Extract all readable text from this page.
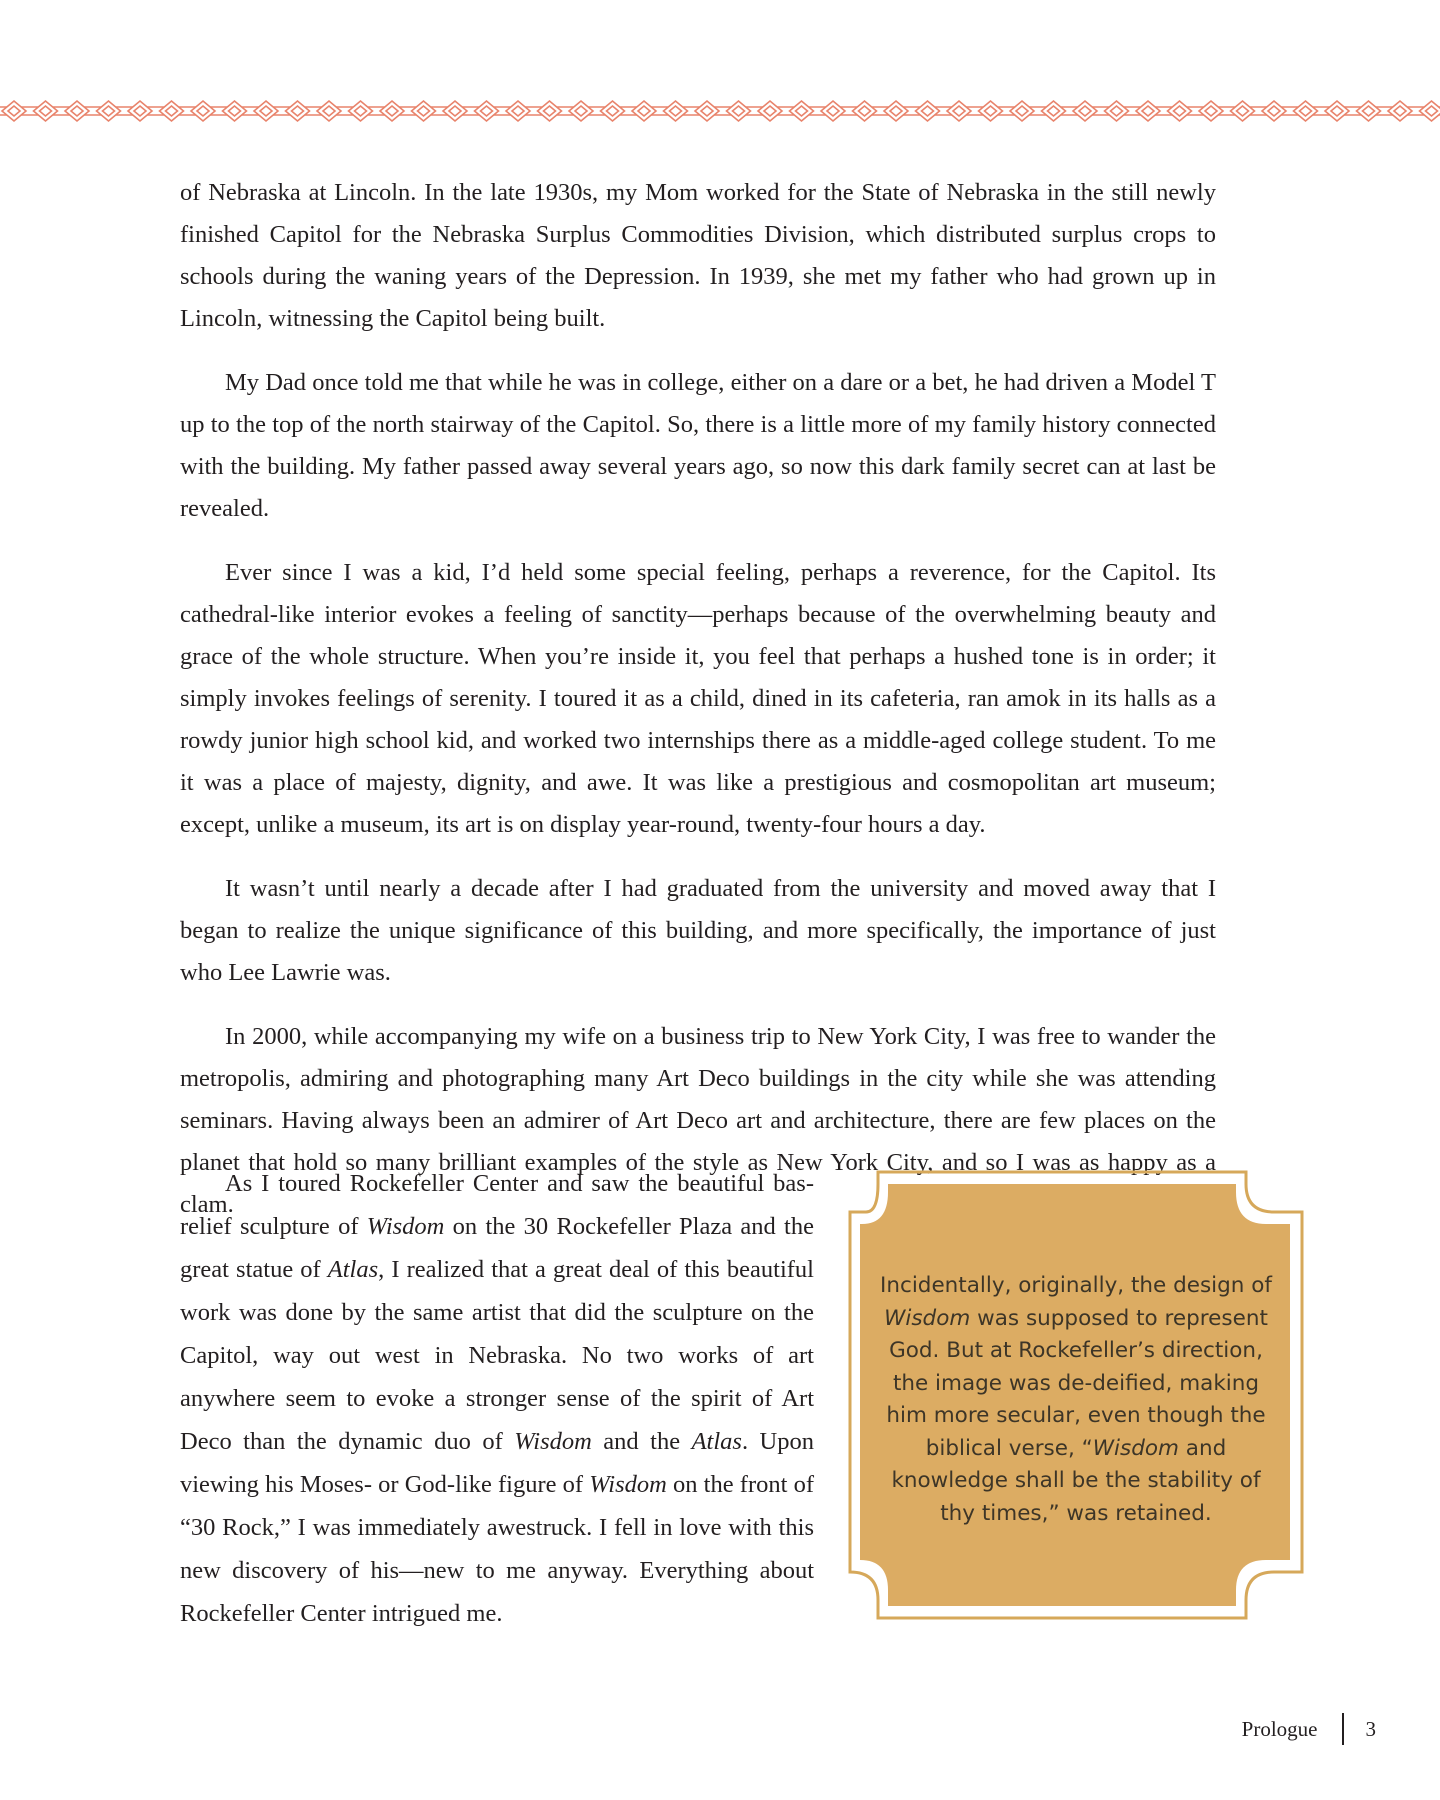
of Nebraska at Lincoln. In the late 1930s, my Mom worked for the State of Nebraska in the still newly finished Capitol for the Nebraska Surplus Commodities Division, which distributed surplus crops to schools during the waning years of the Depression. In 1939, she met my father who had grown up in Lincoln, witnessing the Capitol being built.

My Dad once told me that while he was in college, either on a dare or a bet, he had driven a Model T up to the top of the north stairway of the Capitol. So, there is a little more of my family history connected with the building. My father passed away several years ago, so now this dark family secret can at last be revealed.

Ever since I was a kid, I’d held some special feeling, perhaps a reverence, for the Capitol. Its cathedral-like interior evokes a feeling of sanctity—perhaps because of the overwhelming beauty and grace of the whole structure. When you’re inside it, you feel that perhaps a hushed tone is in order; it simply invokes feelings of serenity. I toured it as a child, dined in its cafeteria, ran amok in its halls as a rowdy junior high school kid, and worked two internships there as a middle-aged college student. To me it was a place of majesty, dignity, and awe. It was like a prestigious and cosmopolitan art museum; except, unlike a museum, its art is on display year-round, twenty-four hours a day.

It wasn’t until nearly a decade after I had graduated from the university and moved away that I began to realize the unique significance of this building, and more specifically, the importance of just who Lee Lawrie was.

In 2000, while accompanying my wife on a business trip to New York City, I was free to wander the metropolis, admiring and photographing many Art Deco buildings in the city while she was attending seminars. Having always been an admirer of Art Deco art and architecture, there are few places on the planet that hold so many brilliant examples of the style as New York City, and so I was as happy as a clam.

As I toured Rockefeller Center and saw the beautiful bas-relief sculpture of Wisdom on the 30 Rockefeller Plaza and the great statue of Atlas, I realized that a great deal of this beautiful work was done by the same artist that did the sculpture on the Capitol, way out west in Nebraska. No two works of art anywhere seem to evoke a stronger sense of the spirit of Art Deco than the dynamic duo of Wisdom and the Atlas. Upon viewing his Moses- or God-like figure of Wisdom on the front of “30 Rock,” I was immediately awestruck. I fell in love with this new discovery of his—new to me anyway. Everything about Rockefeller Center intrigued me.

Incidentally, originally, the design of Wisdom was supposed to represent God. But at Rockefeller’s direction, the image was de-deified, making him more secular, even though the biblical verse, “Wisdom and knowledge shall be the stability of thy times,” was retained.

Prologue 3
